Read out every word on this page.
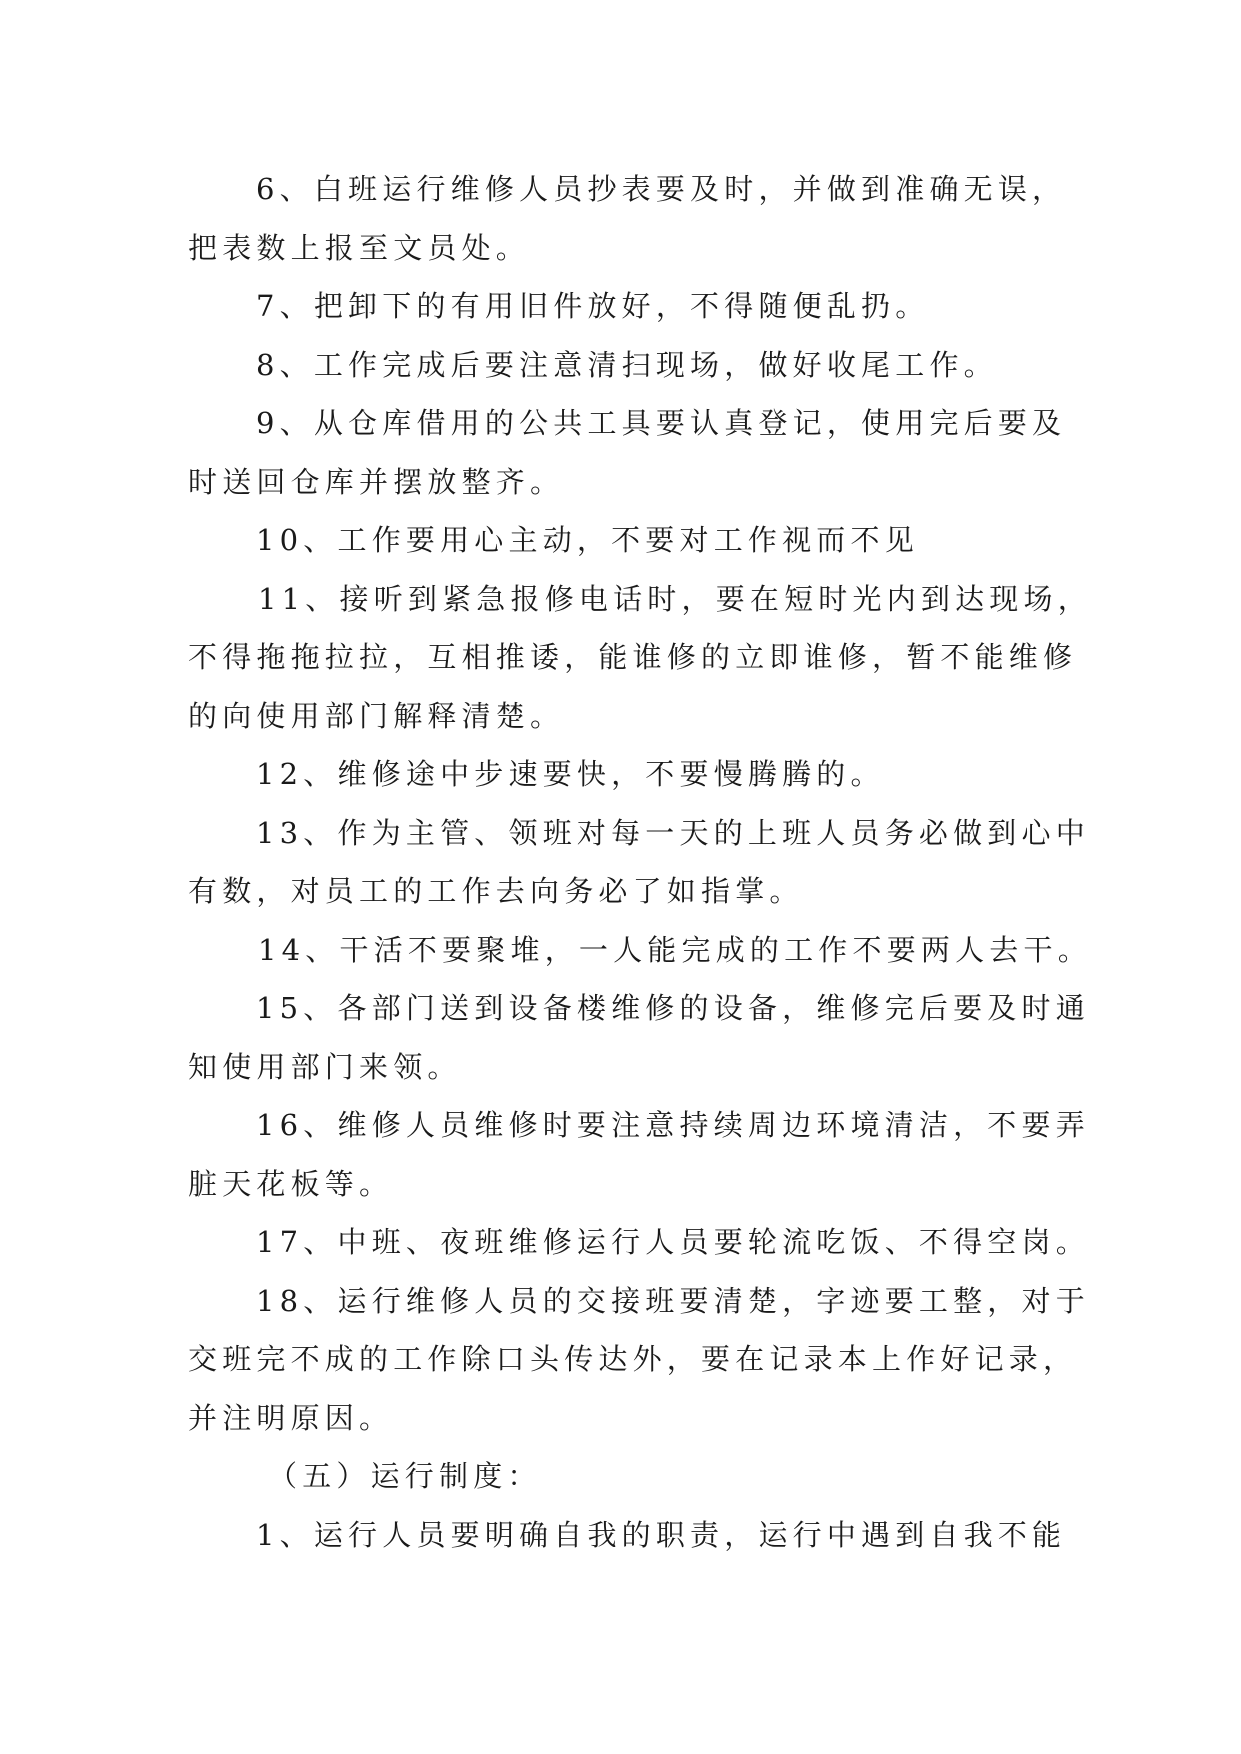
6、白班运行维修人员抄表要及时，并做到准确无误，
把表数上报至文员处。

7、把卸下的有用旧件放好，不得随便乱扔。

8、工作完成后要注意清扫现场，做好收尾工作。

9、从仓库借用的公共工具要认真登记，使用完后要及
时送回仓库并摆放整齐。

10、工作要用心主动，不要对工作视而不见

11、接听到紧急报修电话时，要在短时光内到达现场，
不得拖拖拉拉，互相推诿，能谁修的立即谁修，暂不能维修
的向使用部门解释清楚。

12、维修途中步速要快，不要慢腾腾的。

13、作为主管、领班对每一天的上班人员务必做到心中
有数，对员工的工作去向务必了如指掌。

14、干活不要聚堆，一人能完成的工作不要两人去干。

15、各部门送到设备楼维修的设备，维修完后要及时通
知使用部门来领。

16、维修人员维修时要注意持续周边环境清洁，不要弄
脏天花板等。

17、中班、夜班维修运行人员要轮流吃饭、不得空岗。

18、运行维修人员的交接班要清楚，字迹要工整，对于
交班完不成的工作除口头传达外，要在记录本上作好记录，
并注明原因。

（五）运行制度：

1、运行人员要明确自我的职责，运行中遇到自我不能
